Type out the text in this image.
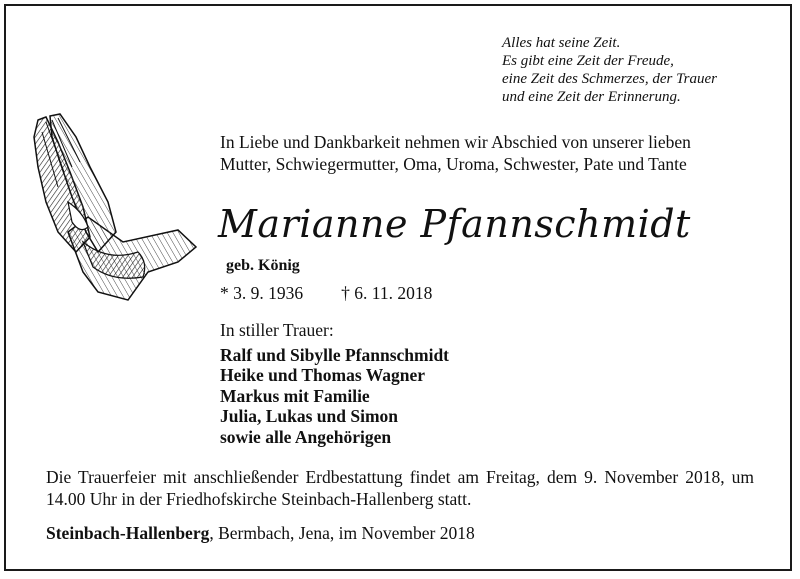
Alles hat seine Zeit.
Es gibt eine Zeit der Freude,
eine Zeit des Schmerzes, der Trauer
und eine Zeit der Erinnerung.
In Liebe und Dankbarkeit nehmen wir Abschied von unserer lieben
Mutter, Schwiegermutter, Oma, Uroma, Schwester, Pate und Tante
Marianne Pfannschmidt
geb. König
* 3. 9. 1936 † 6. 11. 2018
In stiller Trauer:
Ralf und Sibylle Pfannschmidt
Heike und Thomas Wagner
Markus mit Familie
Julia, Lukas und Simon
sowie alle Angehörigen
Die Trauerfeier mit anschließender Erdbestattung findet am Freitag, dem 9. November 2018, um 14.00 Uhr in der Friedhofskirche Steinbach-Hallenberg statt.
Steinbach-Hallenberg, Bermbach, Jena, im November 2018
